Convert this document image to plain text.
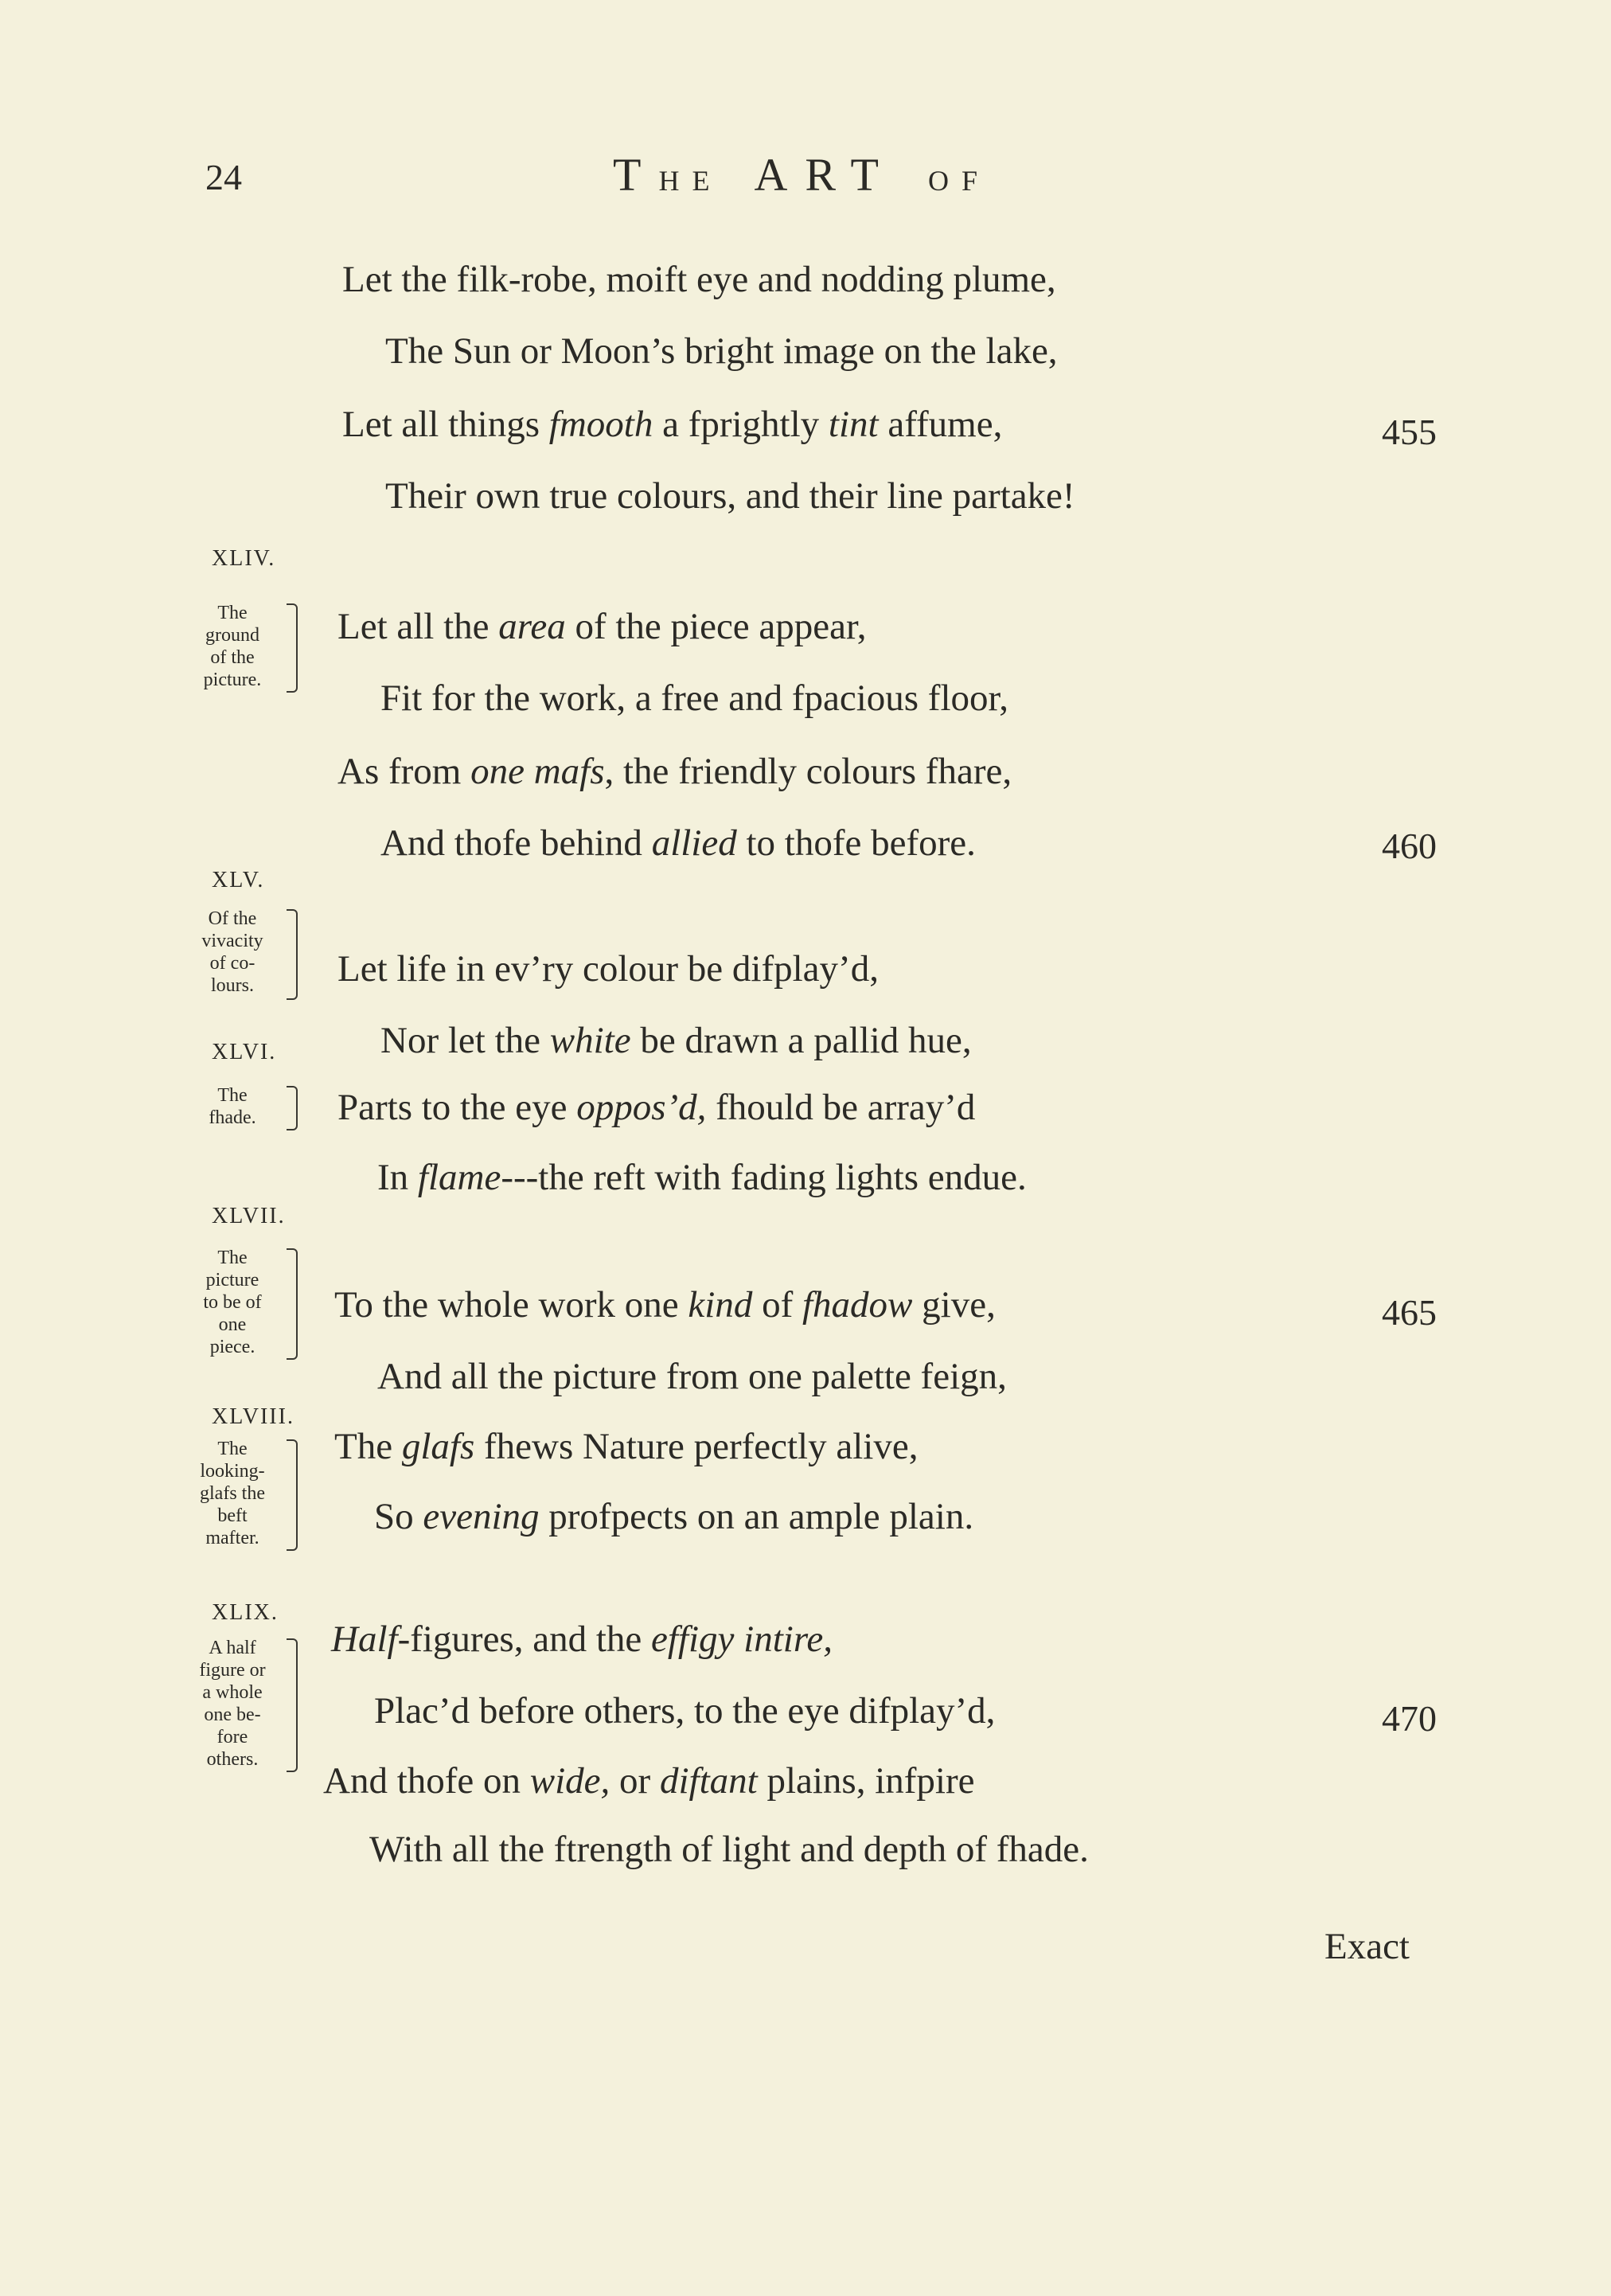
24	THE ART OF
Let the filk-robe, moift eye and nodding plume,
The Sun or Moon’s bright image on the lake,
Let all things fmooth a fprightly tint affume,
Their own true colours, and their line partake!
Let all the area of the piece appear,
Fit for the work, a free and fpacious floor,
As from one mafs, the friendly colours fhare,
And thofe behind allied to thofe before.
Let life in ev’ry colour be difplay’d,
Nor let the white be drawn a pallid hue,
Parts to the eye oppos’d, fhould be array’d
In flame---the reft with fading lights endue.
To the whole work one kind of fhadow give,
And all the picture from one palette feign,
The glafs fhews Nature perfectly alive,
So evening profpects on an ample plain.
Half-figures, and the effigy intire,
Plac’d before others, to the eye difplay’d,
And thofe on wide, or diftant plains, infpire
With all the ftrength of light and depth of fhade.
455
460
465
470
Exact
XLIV.
The
ground
of the
picture.
XLV.
Of the
vivacity
of co-
lours.
XLVI.
The
fhade.
XLVII.
The
picture
to be of
one
piece.
XLVIII.
The
looking-
glafs the
beft
mafter.
XLIX.
A half
figure or
a whole
one be-
fore
others.
